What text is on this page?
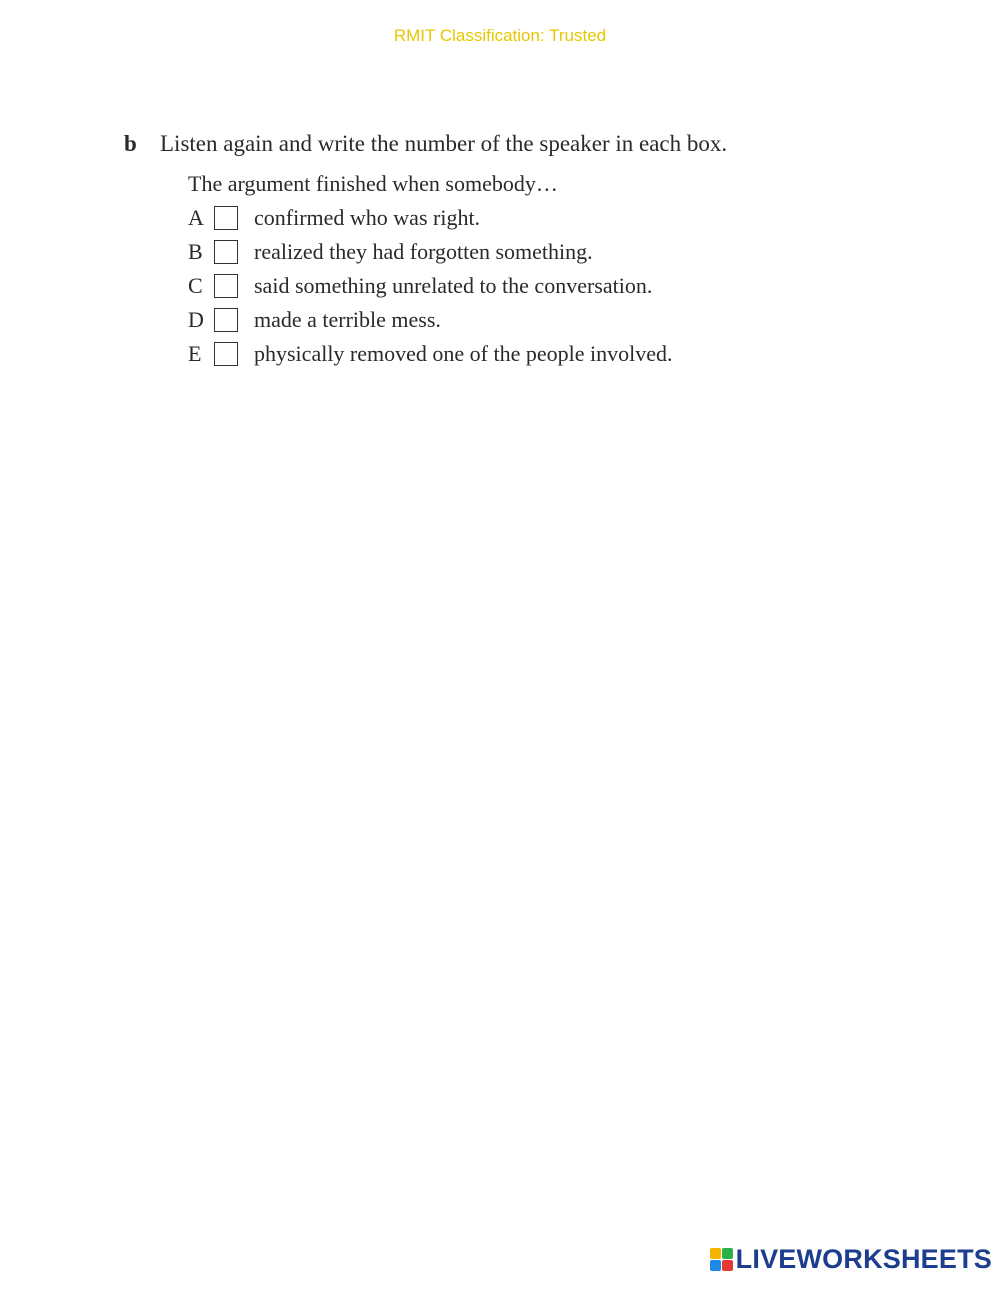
RMIT Classification: Trusted
b	Listen again and write the number of the speaker in each box.
The argument finished when somebody…
A	confirmed who was right.
B	realized they had forgotten something.
C	said something unrelated to the conversation.
D	made a terrible mess.
E	physically removed one of the people involved.
LIVEWORKSHEETS
